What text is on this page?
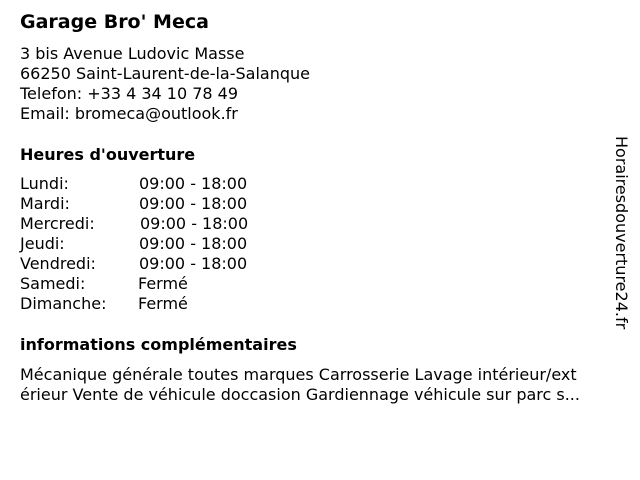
Garage Bro' Meca
3 bis Avenue Ludovic Masse
66250 Saint-Laurent-de-la-Salanque
Telefon: +33 4 34 10 78 49
Email: bromeca@outlook.fr
Heures d'ouverture
Lundi:	09:00 - 18:00
Mardi:	09:00 - 18:00
Mercredi:	09:00 - 18:00
Jeudi:	09:00 - 18:00
Vendredi:	09:00 - 18:00
Samedi:	Fermé
Dimanche:	Fermé
informations complémentaires
Mécanique générale toutes marques Carrosserie Lavage intérieur/ext
érieur Vente de véhicule doccasion Gardiennage véhicule sur parc s...
Horairesdouverture24.fr
